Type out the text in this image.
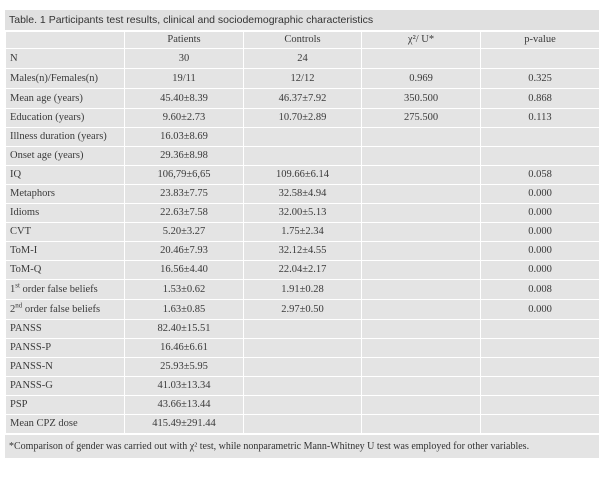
Table. 1 Participants test results, clinical and sociodemographic characteristics
	Patients	Controls	χ²/ U*	p-value
N	30	24		
Males(n)/Females(n)	19/11	12/12	0.969	0.325
Mean age (years)	45.40±8.39	46.37±7.92	350.500	0.868
Education (years)	9.60±2.73	10.70±2.89	275.500	0.113
Illness duration (years)	16.03±8.69			
Onset age (years)	29.36±8.98			
IQ	106,79±6,65	109.66±6.14		0.058
Metaphors	23.83±7.75	32.58±4.94		0.000
Idioms	22.63±7.58	32.00±5.13		0.000
CVT	5.20±3.27	1.75±2.34		0.000
ToM-I	20.46±7.93	32.12±4.55		0.000
ToM-Q	16.56±4.40	22.04±2.17		0.000
1st order false beliefs	1.53±0.62	1.91±0.28		0.008
2nd order false beliefs	1.63±0.85	2.97±0.50		0.000
PANSS	82.40±15.51			
PANSS-P	16.46±6.61			
PANSS-N	25.93±5.95			
PANSS-G	41.03±13.34			
PSP	43.66±13.44			
Mean CPZ dose	415.49±291.44			
*Comparison of gender was carried out with χ² test, while nonparametric Mann-Whitney U test was employed for other variables.
